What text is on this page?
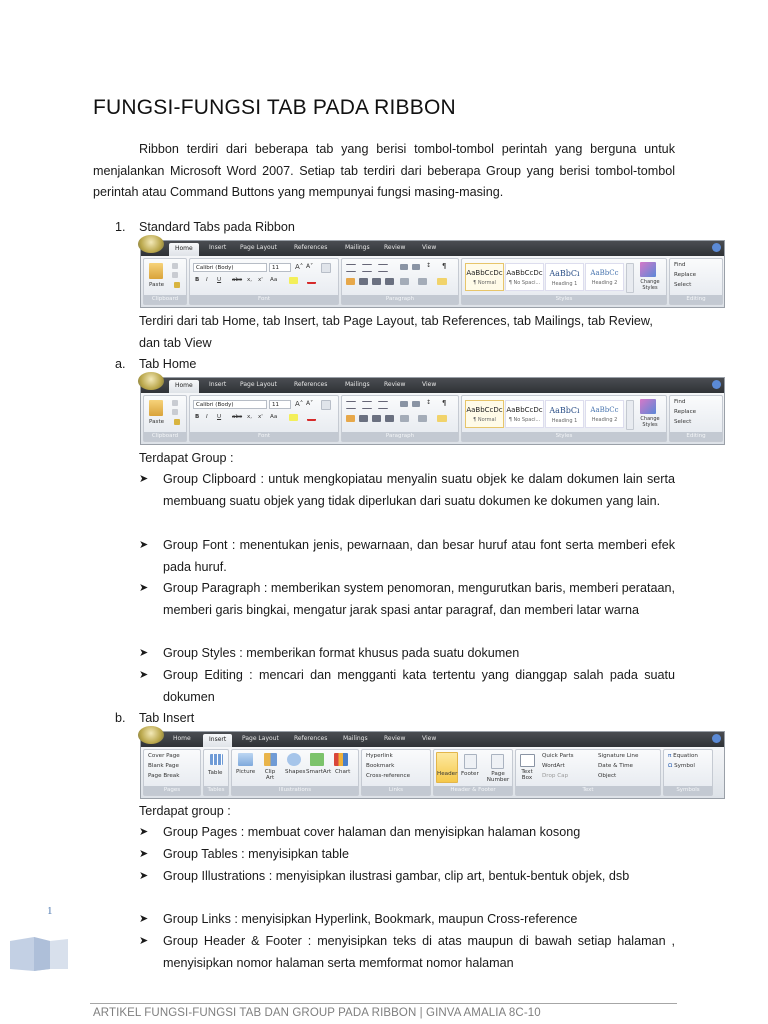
FUNGSI-FUNGSI TAB PADA RIBBON
Ribbon terdiri dari beberapa tab yang berisi tombol-tombol perintah yang berguna untuk menjalankan Microsoft Word 2007. Setiap tab terdiri dari beberapa Group yang berisi tombol-tombol perintah atau Command Buttons yang mempunyai fungsi masing-masing.
1. Standard Tabs pada Ribbon
Home	Insert Page Layout	References	Mailings Review	View
Paste
Clipboard
Calibri (Body)	11	A˄ A˅
B I U abc x, x' Aa
Font
↕ ¶
Paragraph
AaBbCcDc
¶ Normal
AaBbCcDc
¶ No Spaci...
AaBbCı
Heading 1
AaBbCc
Heading 2	Change Styles
Styles
Find
Replace
Select
Editing
Terdiri dari tab Home, tab Insert, tab Page Layout, tab References, tab Mailings, tab Review, dan tab View
a. Tab Home
Home	Insert Page Layout	References	Mailings Review	View
Paste
Clipboard
Calibri (Body)	11	A˄ A˅
B I U abc x, x' Aa
Font
↕ ¶
Paragraph
AaBbCcDc
¶ Normal
AaBbCcDc
¶ No Spaci...
AaBbCı
Heading 1
AaBbCc
Heading 2	Change Styles
Styles
Find
Replace
Select
Editing
Terdapat Group :
➤ Group Clipboard : untuk mengkopiatau menyalin suatu objek ke dalam dokumen lain serta membuang suatu objek yang tidak diperlukan dari suatu dokumen ke dokumen yang lain.
➤ Group Font : menentukan jenis, pewarnaan, dan besar huruf atau font serta memberi efek pada huruf.
➤ Group Paragraph : memberikan system penomoran, mengurutkan baris, memberi perataan, memberi garis bingkai, mengatur jarak spasi antar paragraf, dan memberi latar warna
➤ Group Styles : memberikan format khusus pada suatu dokumen
➤ Group Editing : mencari dan mengganti kata tertentu yang dianggap salah pada suatu dokumen
b. Tab Insert
Home	Insert	Page Layout	References	Mailings	Review	View
Cover Page
Blank Page
Page Break
Pages
Table
Tables
Picture	Clip Art
Shapes SmartArt Chart
Illustrations
Hyperlink
Bookmark
Cross-reference
Links
Header Footer	Page Number
Header & Footer
Text Box
Quick Parts
WordArt
Drop Cap
Signature Line
Date & Time
Object
Text
π Equation
Ω Symbol
Symbols
Terdapat group :
➤ Group Pages : membuat cover halaman dan menyisipkan halaman kosong
➤ Group Tables : menyisipkan table
➤ Group Illustrations : menyisipkan ilustrasi gambar, clip art, bentuk-bentuk objek, dsb
➤ Group Links : menyisipkan Hyperlink, Bookmark, maupun Cross-reference
➤ Group Header & Footer : menyisipkan teks di atas maupun di bawah setiap halaman , menyisipkan nomor halaman serta memformat nomor halaman
1
ARTIKEL FUNGSI-FUNGSI TAB DAN GROUP PADA RIBBON | GINVA AMALIA 8C-10
